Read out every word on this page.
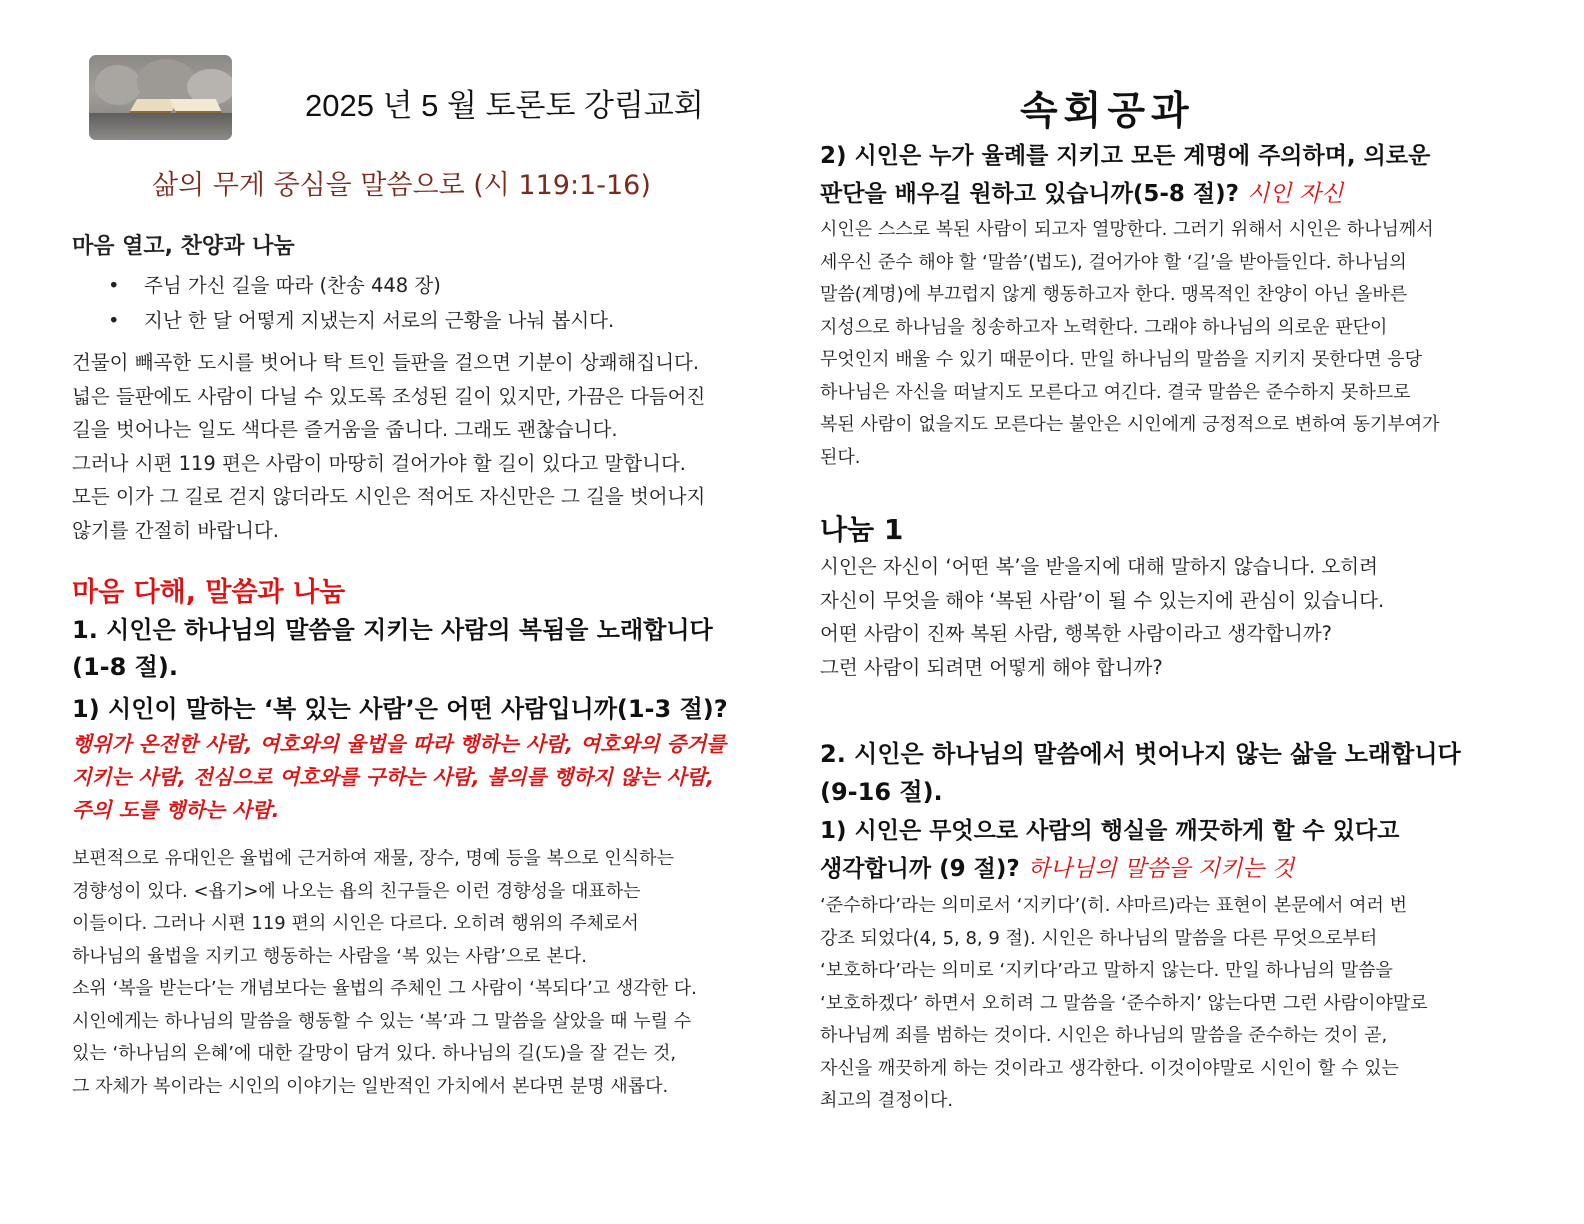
2025 년 5 월 토론토 강림교회	속회공과
삶의 무게 중심을 말씀으로 (시 119:1-16)
마음 열고, 찬양과 나눔
•	주님 가신 길을 따라 (찬송 448 장)
•	지난 한 달 어떻게 지냈는지 서로의 근황을 나눠 봅시다.
건물이 빼곡한 도시를 벗어나 탁 트인 들판을 걸으면 기분이 상쾌해집니다.
넓은 들판에도 사람이 다닐 수 있도록 조성된 길이 있지만, 가끔은 다듬어진
길을 벗어나는 일도 색다른 즐거움을 줍니다. 그래도 괜찮습니다.
그러나 시편 119 편은 사람이 마땅히 걸어가야 할 길이 있다고 말합니다.
모든 이가 그 길로 걷지 않더라도 시인은 적어도 자신만은 그 길을 벗어나지
않기를 간절히 바랍니다.
마음 다해, 말씀과 나눔
1. 시인은 하나님의 말씀을 지키는 사람의 복됨을 노래합니다
(1-8 절).
1) 시인이 말하는 ‘복 있는 사람’은 어떤 사람입니까(1-3 절)?
행위가 온전한 사람, 여호와의 율법을 따라 행하는 사람, 여호와의 증거를
지키는 사람, 전심으로 여호와를 구하는 사람, 불의를 행하지 않는 사람,
주의 도를 행하는 사람.
보편적으로 유대인은 율법에 근거하여 재물, 장수, 명예 등을 복으로 인식하는
경향성이 있다. <욥기>에 나오는 욥의 친구들은 이런 경향성을 대표하는
이들이다. 그러나 시편 119 편의 시인은 다르다. 오히려 행위의 주체로서
하나님의 율법을 지키고 행동하는 사람을 ‘복 있는 사람’으로 본다.
소위 ‘복을 받는다’는 개념보다는 율법의 주체인 그 사람이 ‘복되다’고 생각한 다.
시인에게는 하나님의 말씀을 행동할 수 있는 ‘복’과 그 말씀을 살았을 때 누릴 수
있는 ‘하나님의 은혜’에 대한 갈망이 담겨 있다. 하나님의 길(도)을 잘 걷는 것,
그 자체가 복이라는 시인의 이야기는 일반적인 가치에서 본다면 분명 새롭다.
2) 시인은 누가 율례를 지키고 모든 계명에 주의하며, 의로운
판단을 배우길 원하고 있습니까(5-8 절)? 시인 자신
시인은 스스로 복된 사람이 되고자 열망한다. 그러기 위해서 시인은 하나님께서
세우신 준수 해야 할 ‘말씀’(법도), 걸어가야 할 ‘길’을 받아들인다. 하나님의
말씀(계명)에 부끄럽지 않게 행동하고자 한다. 맹목적인 찬양이 아닌 올바른
지성으로 하나님을 칭송하고자 노력한다. 그래야 하나님의 의로운 판단이
무엇인지 배울 수 있기 때문이다. 만일 하나님의 말씀을 지키지 못한다면 응당
하나님은 자신을 떠날지도 모른다고 여긴다. 결국 말씀은 준수하지 못하므로
복된 사람이 없을지도 모른다는 불안은 시인에게 긍정적으로 변하여 동기부여가
된다.
나눔 1
시인은 자신이 ‘어떤 복’을 받을지에 대해 말하지 않습니다. 오히려
자신이 무엇을 해야 ‘복된 사람’이 될 수 있는지에 관심이 있습니다.
어떤 사람이 진짜 복된 사람, 행복한 사람이라고 생각합니까?
그런 사람이 되려면 어떻게 해야 합니까?
2. 시인은 하나님의 말씀에서 벗어나지 않는 삶을 노래합니다
(9-16 절).
1) 시인은 무엇으로 사람의 행실을 깨끗하게 할 수 있다고
생각합니까 (9 절)? 하나님의 말씀을 지키는 것
‘준수하다’라는 의미로서 ‘지키다’(히. 샤마르)라는 표현이 본문에서 여러 번
강조 되었다(4, 5, 8, 9 절). 시인은 하나님의 말씀을 다른 무엇으로부터
‘보호하다’라는 의미로 ‘지키다’라고 말하지 않는다. 만일 하나님의 말씀을
‘보호하겠다’ 하면서 오히려 그 말씀을 ‘준수하지’ 않는다면 그런 사람이야말로
하나님께 죄를 범하는 것이다. 시인은 하나님의 말씀을 준수하는 것이 곧,
자신을 깨끗하게 하는 것이라고 생각한다. 이것이야말로 시인이 할 수 있는
최고의 결정이다.
